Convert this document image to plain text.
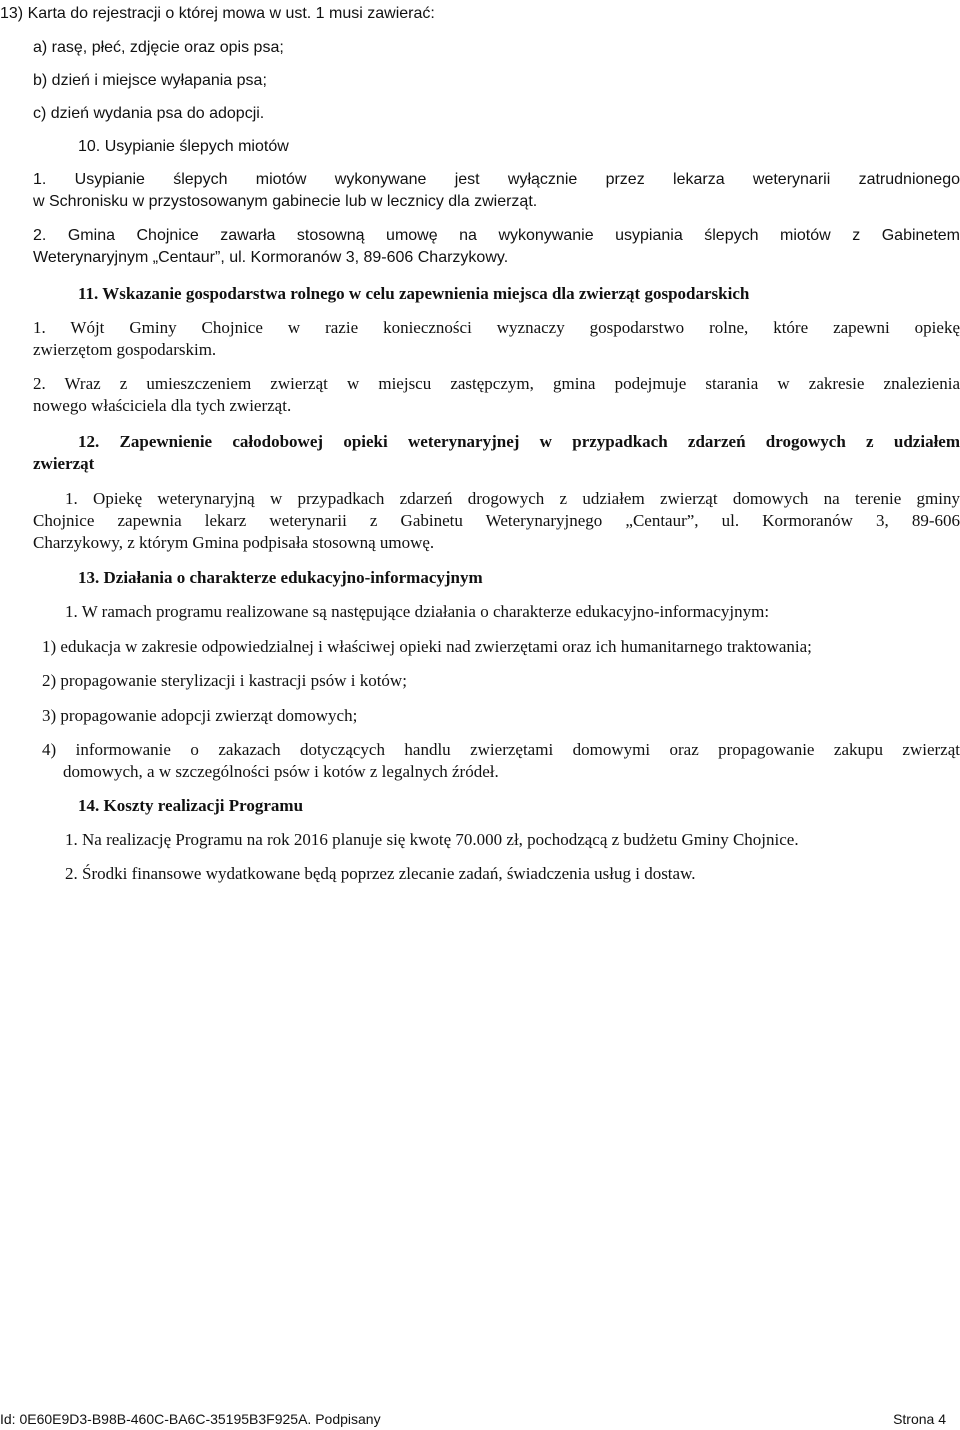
13) Karta do rejestracji o której mowa w ust. 1 musi zawierać:
a) rasę, płeć, zdjęcie oraz opis psa;
b) dzień i miejsce wyłapania psa;
c) dzień wydania psa do adopcji.
10. Usypianie ślepych miotów
1. Usypianie ślepych miotów wykonywane jest wyłącznie przez lekarza weterynarii zatrudnionego
w Schronisku w przystosowanym gabinecie lub w lecznicy dla zwierząt.
2. Gmina Chojnice zawarła stosowną umowę na wykonywanie usypiania ślepych miotów z Gabinetem
Weterynaryjnym „Centaur”, ul. Kormoranów 3, 89-606 Charzykowy.
11. Wskazanie gospodarstwa rolnego w celu zapewnienia miejsca dla zwierząt gospodarskich
1. Wójt Gminy Chojnice w razie konieczności wyznaczy gospodarstwo rolne, które zapewni opiekę
zwierzętom gospodarskim.
2. Wraz z umieszczeniem zwierząt w miejscu zastępczym, gmina podejmuje starania w zakresie znalezienia
nowego właściciela dla tych zwierząt.
12. Zapewnienie całodobowej opieki weterynaryjnej w przypadkach zdarzeń drogowych z udziałem
zwierząt
1. Opiekę weterynaryjną w przypadkach zdarzeń drogowych z udziałem zwierząt domowych na terenie gminy
Chojnice zapewnia lekarz weterynarii z Gabinetu Weterynaryjnego „Centaur”, ul. Kormoranów 3, 89-606
Charzykowy, z którym Gmina podpisała stosowną umowę.
13. Działania o charakterze edukacyjno-informacyjnym
1. W ramach programu realizowane są następujące działania o charakterze edukacyjno-informacyjnym:
1) edukacja w zakresie odpowiedzialnej i właściwej opieki nad zwierzętami oraz ich humanitarnego traktowania;
2) propagowanie sterylizacji i kastracji psów i kotów;
3) propagowanie adopcji zwierząt domowych;
4) informowanie o zakazach dotyczących handlu zwierzętami domowymi oraz propagowanie zakupu zwierząt
domowych, a w szczególności psów i kotów z legalnych źródeł.
14. Koszty realizacji Programu
1. Na realizację Programu na rok 2016 planuje się kwotę 70.000 zł, pochodzącą z budżetu Gminy Chojnice.
2. Środki finansowe wydatkowane będą poprzez zlecanie zadań, świadczenia usług i dostaw.
Id: 0E60E9D3-B98B-460C-BA6C-35195B3F925A. Podpisany	Strona 4
